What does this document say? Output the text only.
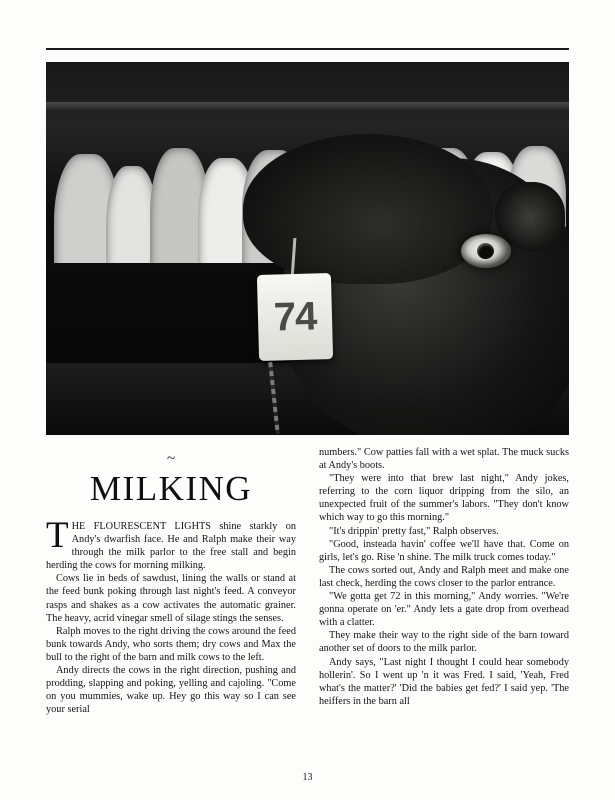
74
~
MILKING

THE FLOURESCENT LIGHTS shine starkly on Andy's dwarfish face. He and Ralph make their way through the milk parlor to the free stall and begin herding the cows for morning milking.

Cows lie in beds of sawdust, lining the walls or stand at the feed bunk poking through last night's feed. A conveyor rasps and shakes as a cow activates the automatic grainer. The heavy, acrid vinegar smell of silage stings the senses.

Ralph moves to the right driving the cows around the feed bunk towards Andy, who sorts them; dry cows and Max the bull to the right of the barn and milk cows to the left.

Andy directs the cows in the right direction, pushing and prodding, slapping and poking, yelling and cajoling. "Come on you mummies, wake up. Hey go this way so I can see your serial

numbers." Cow patties fall with a wet splat. The muck sucks at Andy's boots.

"They were into that brew last night," Andy jokes, referring to the corn liquor dripping from the silo, an unexpected fruit of the summer's labors. "They don't know which way to go this morning."

"It's drippin' pretty fast," Ralph observes.

"Good, insteada havin' coffee we'll have that. Come on girls, let's go. Rise 'n shine. The milk truck comes today."

The cows sorted out, Andy and Ralph meet and make one last check, herding the cows closer to the parlor entrance.

"We gotta get 72 in this morning," Andy worries. "We're gonna operate on 'er." Andy lets a gate drop from overhead with a clatter.

They make their way to the right side of the barn toward another set of doors to the milk parlor.

Andy says, "Last night I thought I could hear somebody hollerin'. So I went up 'n it was Fred. I said, 'Yeah, Fred what's the matter?' 'Did the babies get fed?' I said yep. 'The heiffers in the barn all

13
